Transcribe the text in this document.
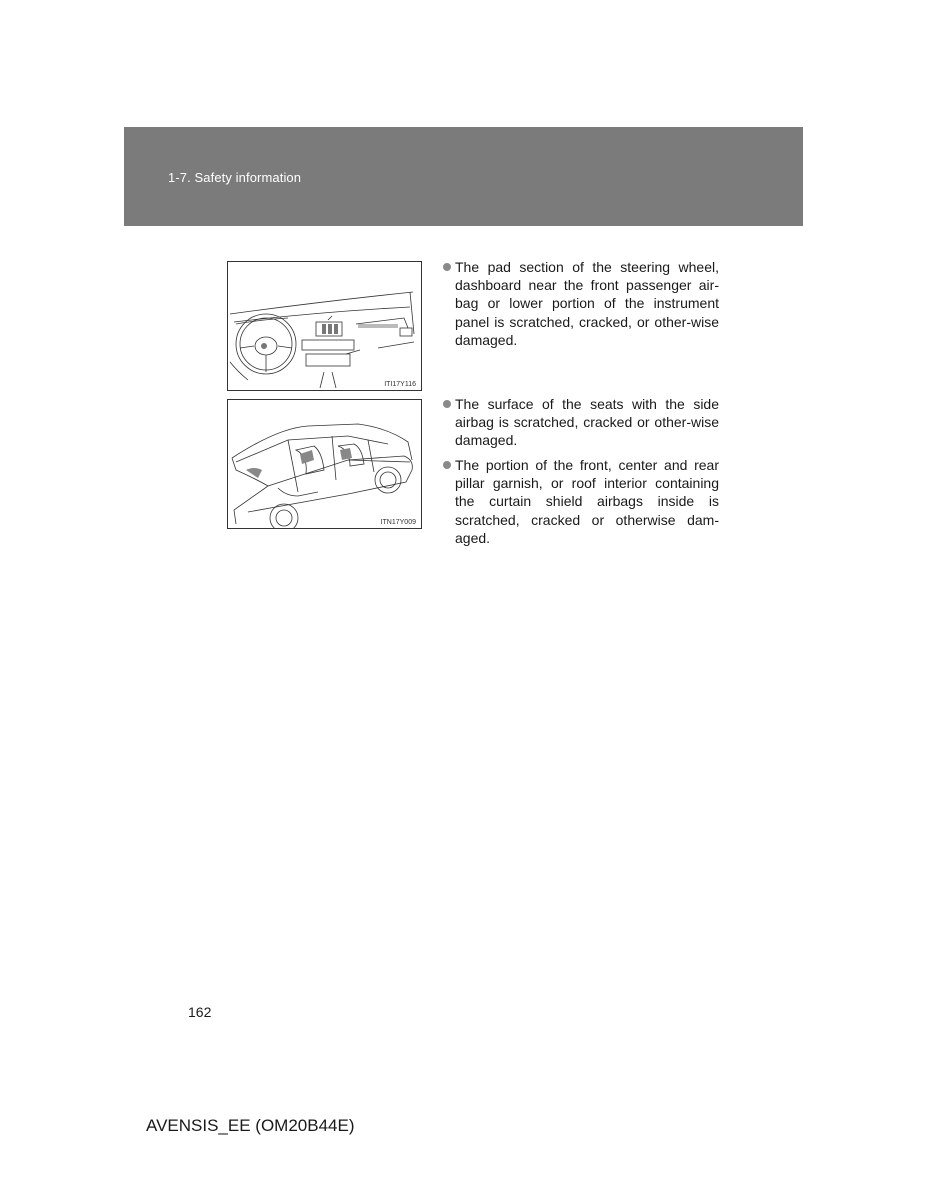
1-7. Safety information
ITI17Y116
ITN17Y009

The pad section of the steering wheel, dashboard near the front passenger air-bag or lower portion of the instrument panel is scratched, cracked, or other-wise damaged.

The surface of the seats with the side airbag is scratched, cracked or other-wise damaged.

The portion of the front, center and rear pillar garnish, or roof interior containing the curtain shield airbags inside is scratched, cracked or otherwise dam-aged.

162
AVENSIS_EE (OM20B44E)
